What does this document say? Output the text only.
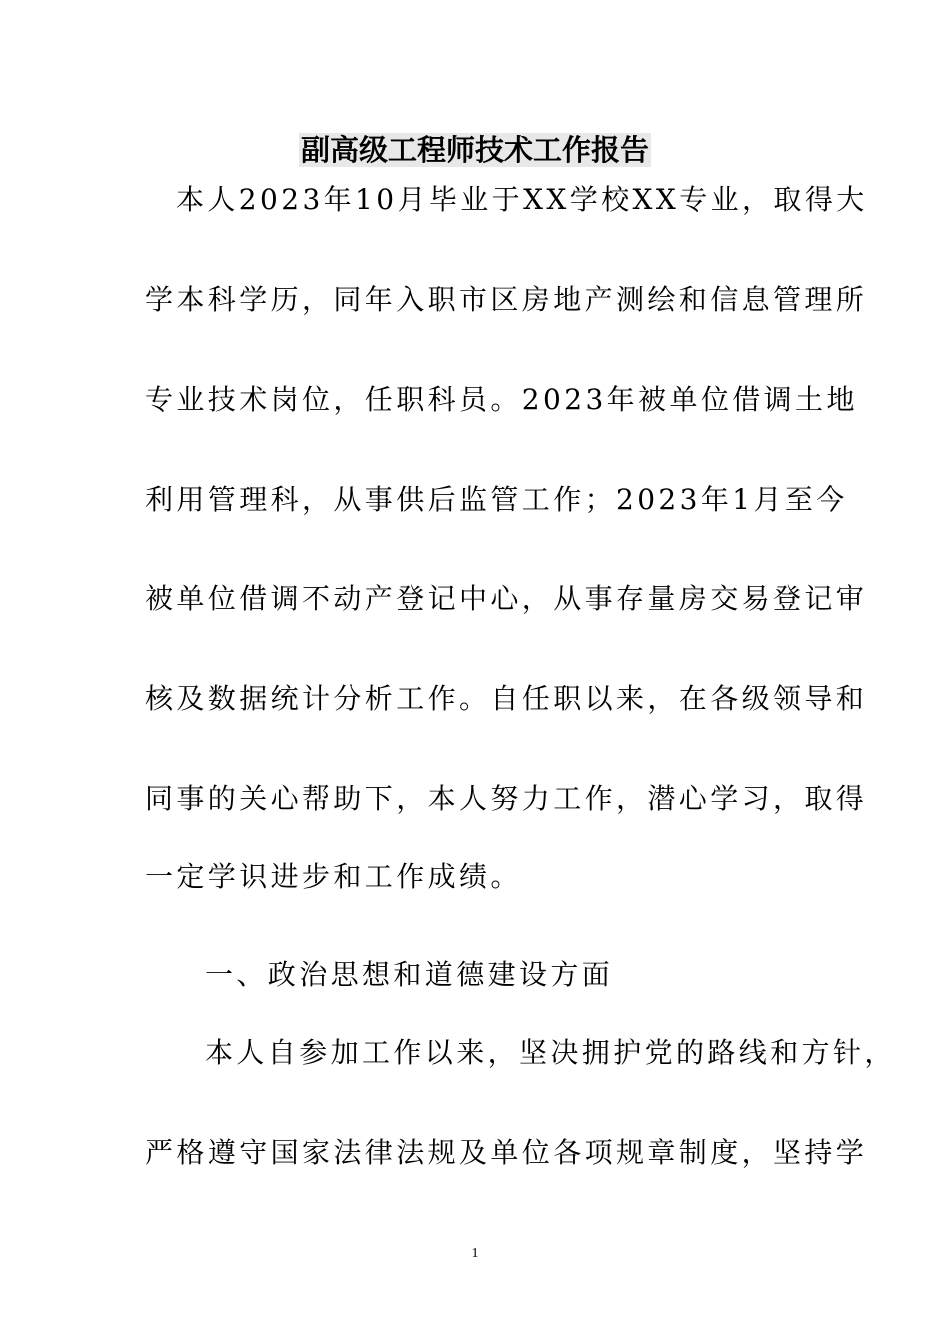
副高级工程师技术工作报告
本人2023年10月毕业于XX学校XX专业，取得大
学本科学历，同年入职市区房地产测绘和信息管理所
专业技术岗位，任职科员。2023年被单位借调土地
利用管理科，从事供后监管工作；2023年1月至今
被单位借调不动产登记中心，从事存量房交易登记审
核及数据统计分析工作。自任职以来，在各级领导和
同事的关心帮助下，本人努力工作，潜心学习，取得
一定学识进步和工作成绩。
一、政治思想和道德建设方面
本人自参加工作以来，坚决拥护党的路线和方针，
严格遵守国家法律法规及单位各项规章制度，坚持学
1
